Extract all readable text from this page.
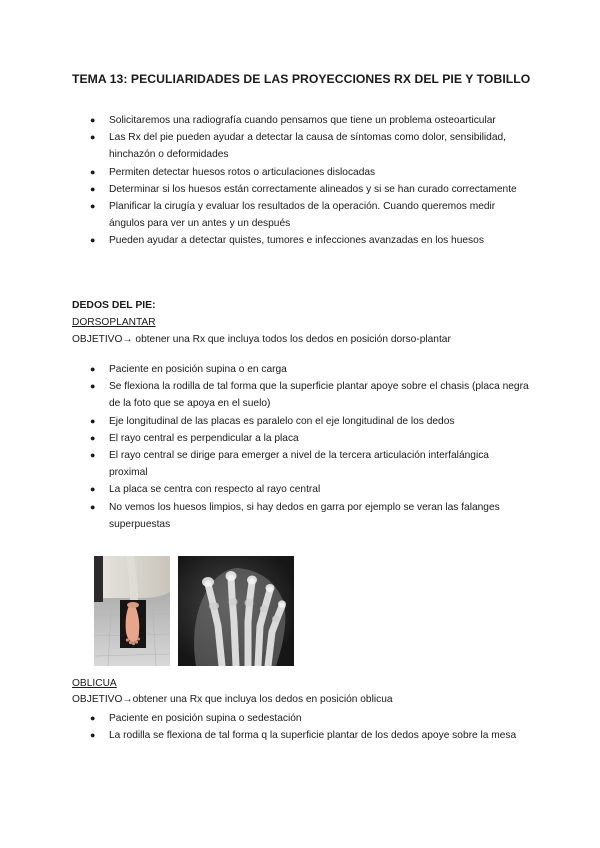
TEMA 13: PECULIARIDADES DE LAS PROYECCIONES RX DEL PIE Y TOBILLO
● Solicitaremos una radiografía cuando pensamos que tiene un problema osteoarticular
● Las Rx del pie pueden ayudar a detectar la causa de síntomas como dolor, sensibilidad, hinchazón o deformidades
● Permiten detectar huesos rotos o articulaciones dislocadas
● Determinar si los huesos están correctamente alineados y si se han curado correctamente
● Planificar la cirugía y evaluar los resultados de la operación. Cuando queremos medir ángulos para ver un antes y un después
● Pueden ayudar a detectar quistes, tumores e infecciones avanzadas en los huesos
DEDOS DEL PIE:
DORSOPLANTAR
OBJETIVO→ obtener una Rx que incluya todos los dedos en posición dorso-plantar
● Paciente en posición supina o en carga
● Se flexiona la rodilla de tal forma que la superficie plantar apoye sobre el chasis (placa negra de la foto que se apoya en el suelo)
● Eje longitudinal de las placas es paralelo con el eje longitudinal de los dedos
● El rayo central es perpendicular a la placa
● El rayo central se dirige para emerger a nivel de la tercera articulación interfalángica proximal
● La placa se centra con respecto al rayo central
● No vemos los huesos limpios, si hay dedos en garra por ejemplo se veran las falanges superpuestas
OBLICUA
OBJETIVO→obtener una Rx que incluya los dedos en posición oblicua
● Paciente en posición supina o sedestación
● La rodilla se flexiona de tal forma q la superficie plantar de los dedos apoye sobre la mesa
